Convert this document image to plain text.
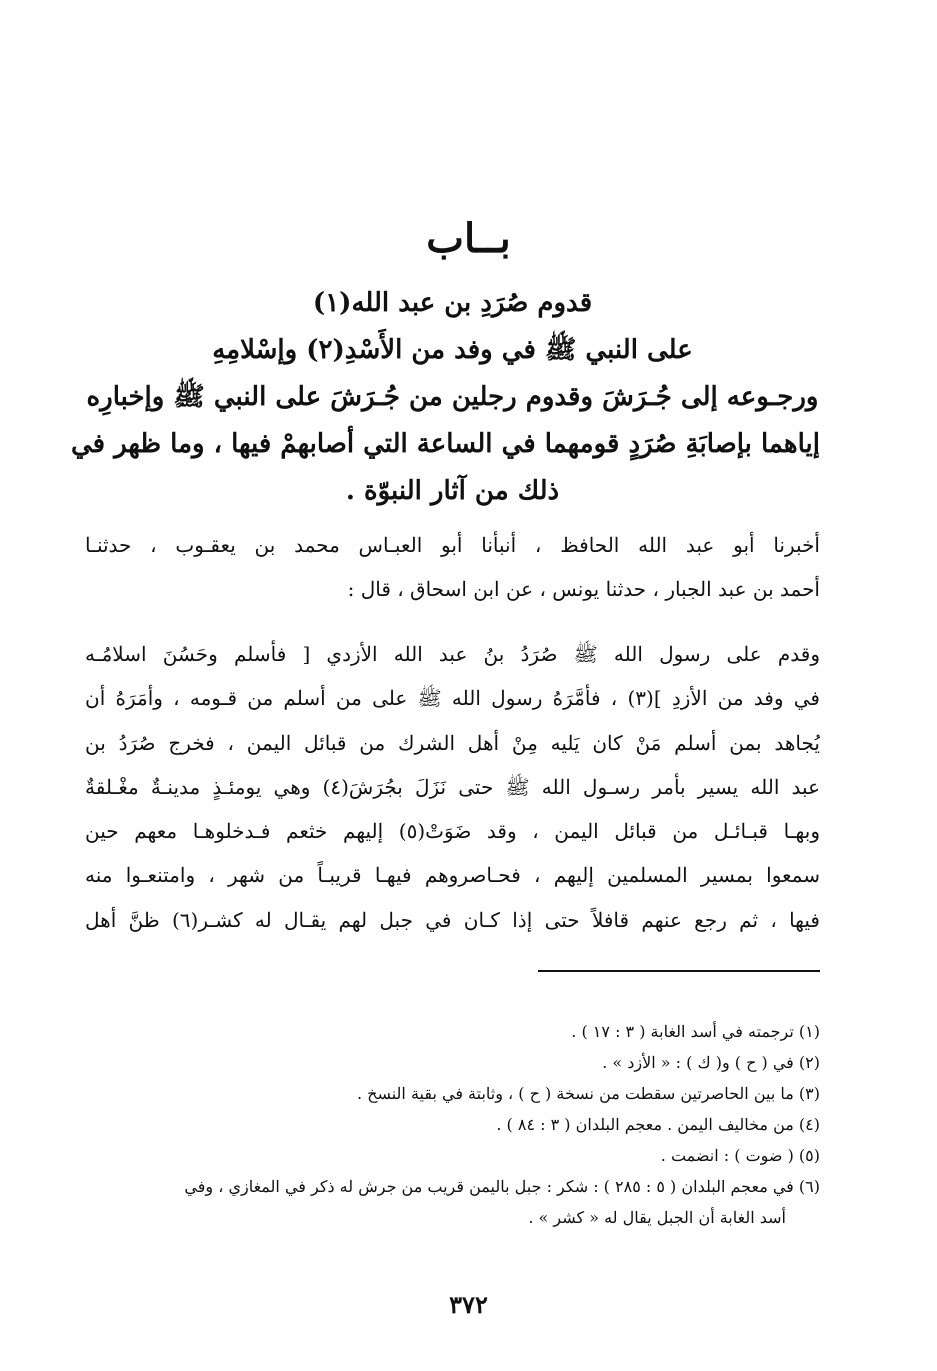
بــاب
قدوم صُرَدِ بن عبد الله(١)
على النبي ﷺ في وفد من الأَسْدِ(٢) وإسْلامِهِ
ورجـوعه إلى جُـرَشَ وقدوم رجلين من جُـرَشَ على النبي ﷺ وإخبارِه
إياهما بإصابَةِ صُرَدٍ قومهما في الساعة التي أصابهمْ فيها ، وما ظهر في
ذلك من آثار النبوّة .
أخبرنا أبو عبد الله الحافظ ، أنبأنا أبو العبـاس محمد بن يعقـوب ، حدثنـا
أحمد بن عبد الجبار ، حدثنا يونس ، عن ابن اسحاق ، قال :
وقدم على رسول الله ﷺ صُرَدُ بنُ عبد الله الأزدي [ فأسلم وحَسُنَ اسلامُـه
في وفد من الأزدِ ](٣) ، فأمَّرَهُ رسول الله ﷺ على من أسلم من قـومه ، وأمَرَهُ أن
يُجاهد بمن أسلم مَنْ كان يَليه مِنْ أهل الشرك من قبائل اليمن ، فخرج صُرَدُ بن
عبد الله يسير بأمر رسـول الله ﷺ حتى نَزَلَ بجُرَشَ(٤) وهي يومئـذٍ مدينـةٌ مغْـلقةٌ
وبهـا قبـائـل من قبائل اليمن ، وقد ضَوَتْ(٥) إليهم خثعم فـدخلوهـا معهم حين
سمعوا بمسير المسلمين إليهم ، فحـاصروهم فيهـا قريبـاً من شهر ، وامتنعـوا منه
فيها ، ثم رجع عنهم قافلاً حتى إذا كـان في جبل لهم يقـال له كشـر(٦) ظنَّ أهل
(١) ترجمته في أسد الغابة ( ٣ : ١٧ ) .
(٢) في ( ح ) و( ك ) : « الأزد » .
(٣) ما بين الحاصرتين سقطت من نسخة ( ح ) ، وثابتة في بقية النسخ .
(٤) من مخاليف اليمن . معجم البلدان ( ٣ : ٨٤ ) .
(٥) ( ضوت ) : انضمت .
(٦) في معجم البلدان ( ٥ : ٢٨٥ ) : شكر : جبل باليمن قريب من جرش له ذكر في المغازي ، وفي
أسد الغابة أن الجبل يقال له « كشر » .
٣٧٢
